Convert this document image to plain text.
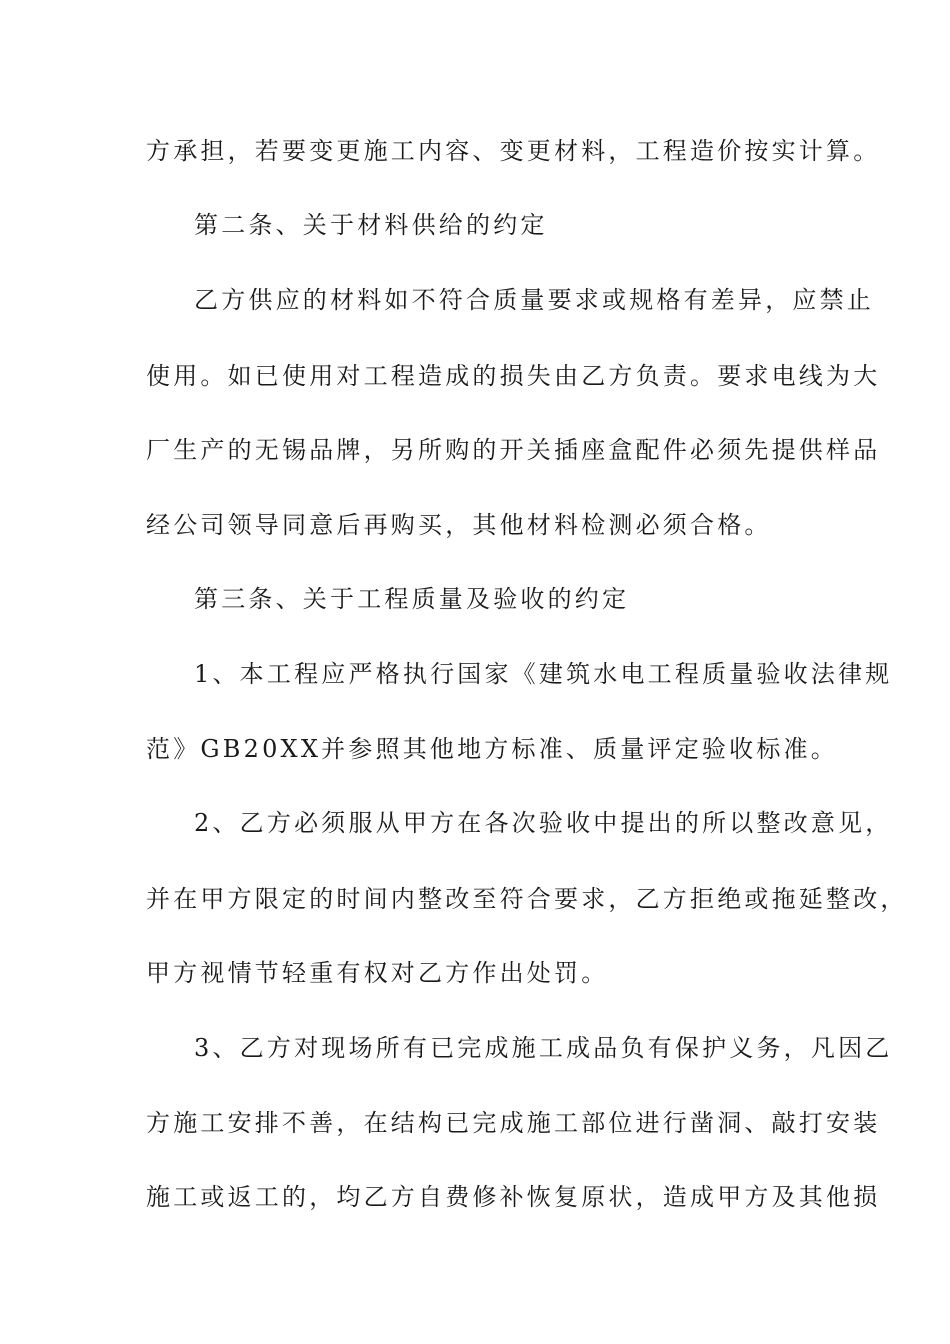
方承担，若要变更施工内容、变更材料，工程造价按实计算。
第二条、关于材料供给的约定
乙方供应的材料如不符合质量要求或规格有差异，应禁止
使用。如已使用对工程造成的损失由乙方负责。要求电线为大
厂生产的无锡品牌，另所购的开关插座盒配件必须先提供样品
经公司领导同意后再购买，其他材料检测必须合格。
第三条、关于工程质量及验收的约定
1、本工程应严格执行国家《建筑水电工程质量验收法律规
范》GB20XX并参照其他地方标准、质量评定验收标准。
2、乙方必须服从甲方在各次验收中提出的所以整改意见，
并在甲方限定的时间内整改至符合要求，乙方拒绝或拖延整改，
甲方视情节轻重有权对乙方作出处罚。
3、乙方对现场所有已完成施工成品负有保护义务，凡因乙
方施工安排不善，在结构已完成施工部位进行凿洞、敲打安装
施工或返工的，均乙方自费修补恢复原状，造成甲方及其他损
